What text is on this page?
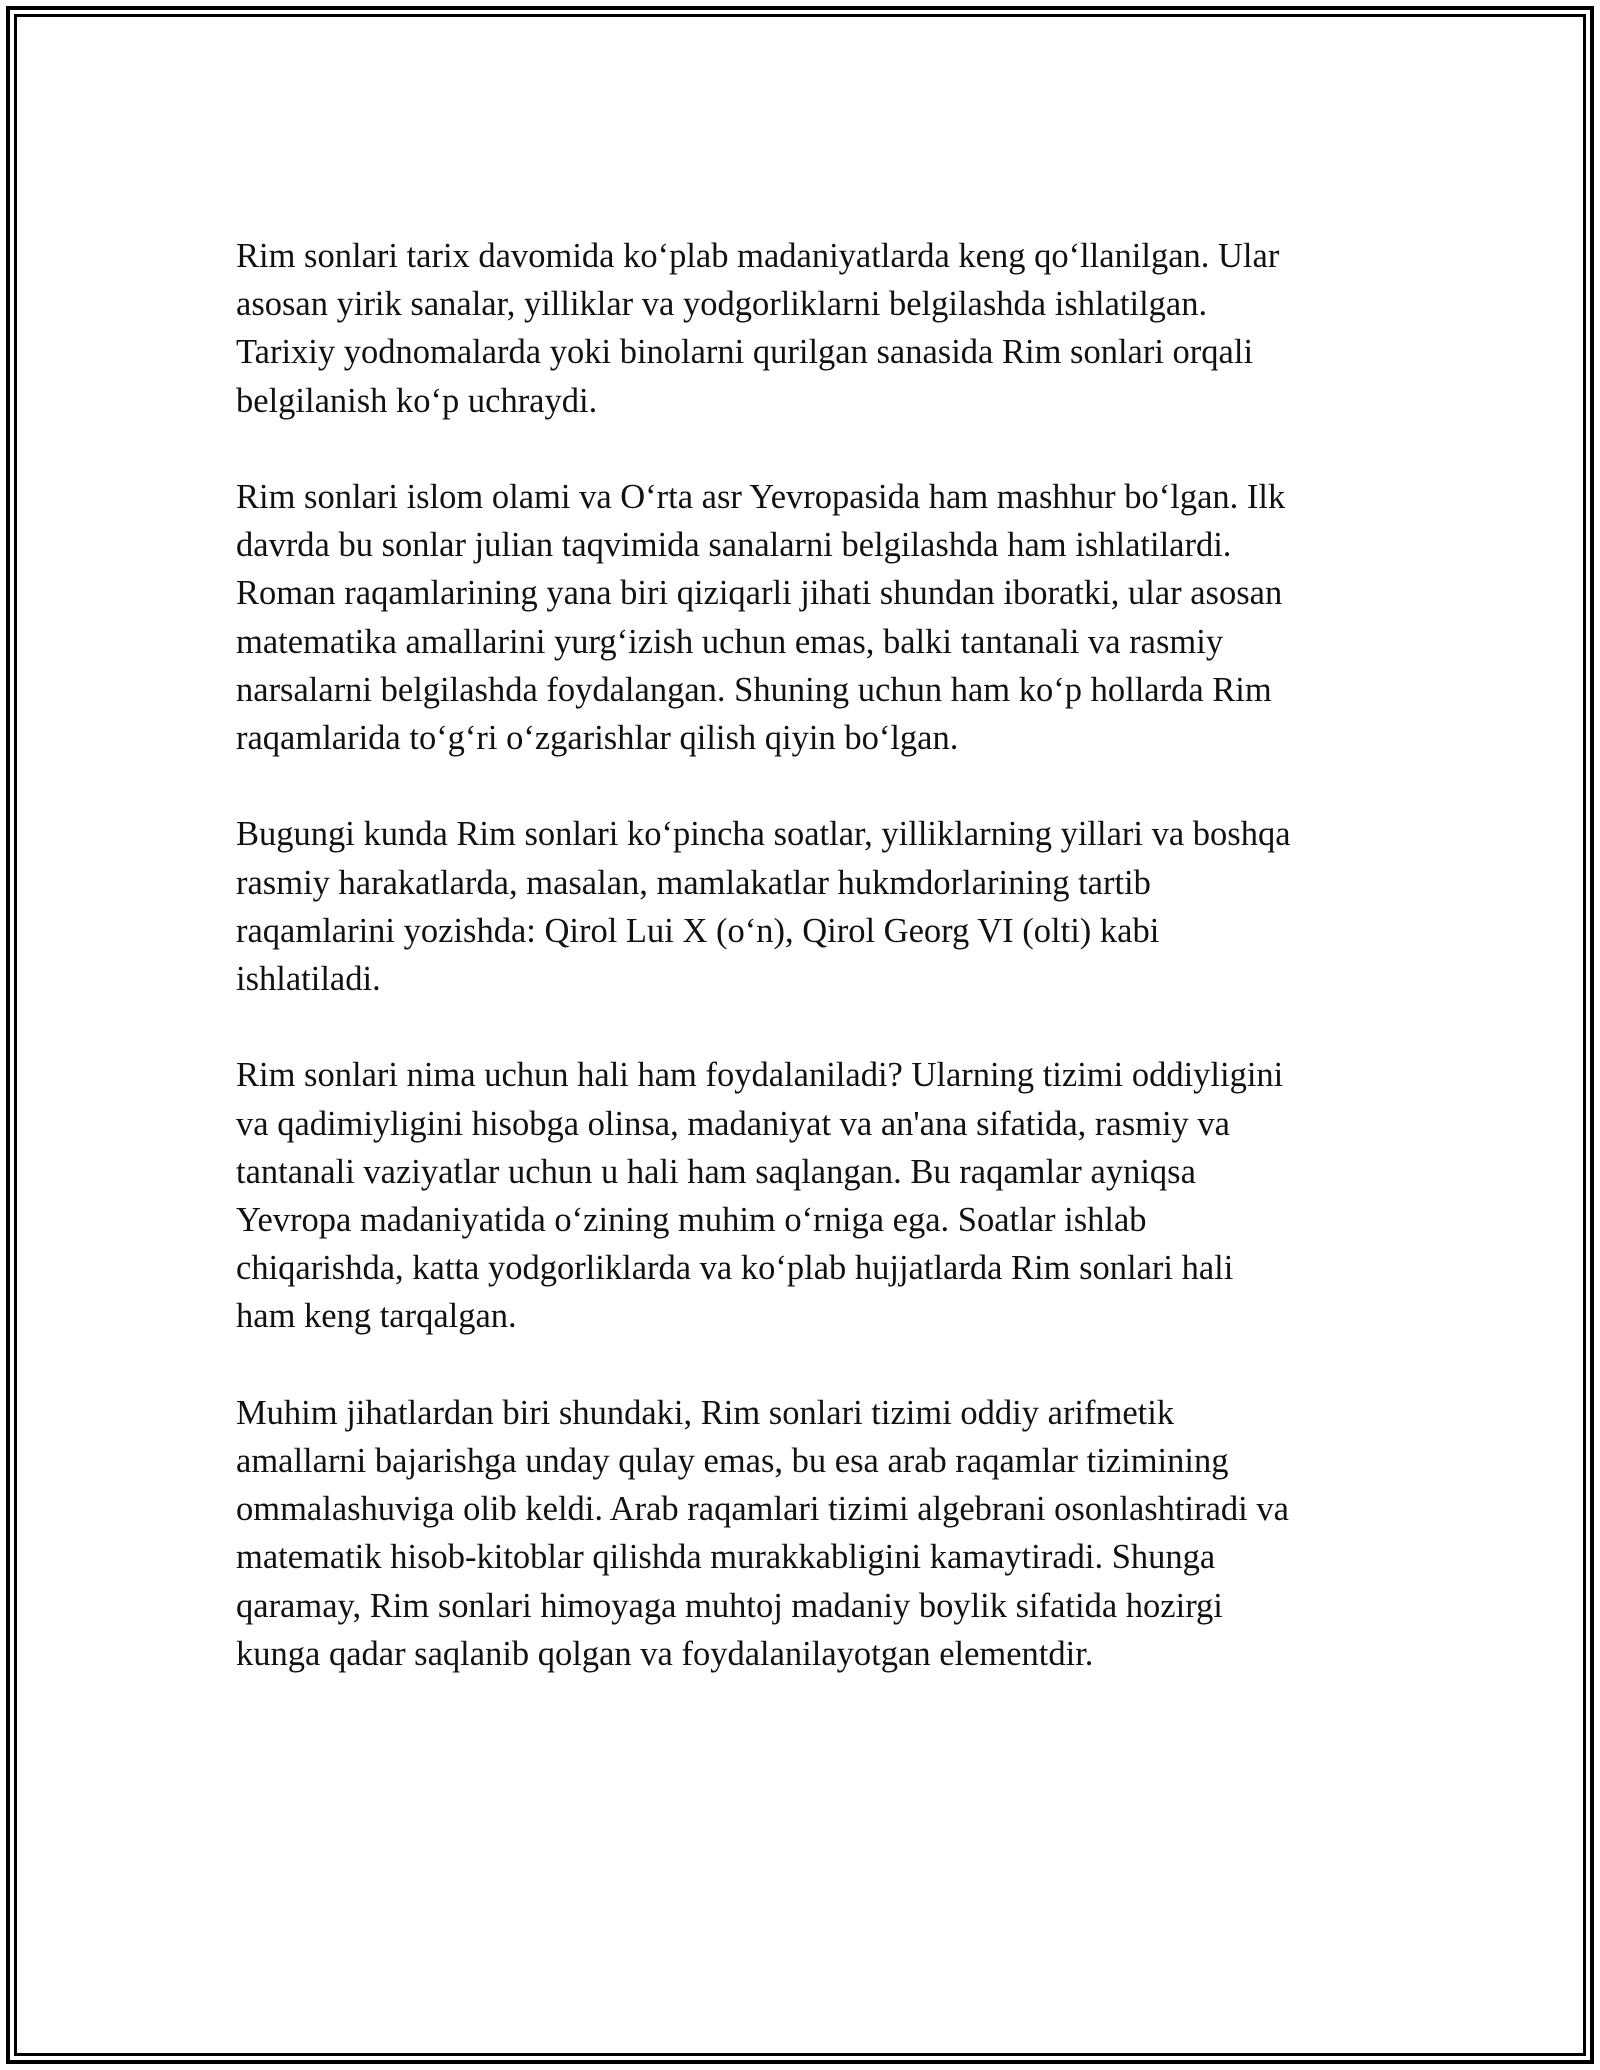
Rim sonlari tarix davomida koʻplab madaniyatlarda keng qoʻllanilgan. Ular
asosan yirik sanalar, yilliklar va yodgorliklarni belgilashda ishlatilgan.
Tarixiy yodnomalarda yoki binolarni qurilgan sanasida Rim sonlari orqali
belgilanish koʻp uchraydi.

Rim sonlari islom olami va Oʻrta asr Yevropasida ham mashhur boʻlgan. Ilk
davrda bu sonlar julian taqvimida sanalarni belgilashda ham ishlatilardi.
Roman raqamlarining yana biri qiziqarli jihati shundan iboratki, ular asosan
matematika amallarini yurgʻizish uchun emas, balki tantanali va rasmiy
narsalarni belgilashda foydalangan. Shuning uchun ham koʻp hollarda Rim
raqamlarida toʻgʻri oʻzgarishlar qilish qiyin boʻlgan.

Bugungi kunda Rim sonlari koʻpincha soatlar, yilliklarning yillari va boshqa
rasmiy harakatlarda, masalan, mamlakatlar hukmdorlarining tartib
raqamlarini yozishda: Qirol Lui X (oʻn), Qirol Georg VI (olti) kabi
ishlatiladi.

Rim sonlari nima uchun hali ham foydalaniladi? Ularning tizimi oddiyligini
va qadimiyligini hisobga olinsa, madaniyat va an'ana sifatida, rasmiy va
tantanali vaziyatlar uchun u hali ham saqlangan. Bu raqamlar ayniqsa
Yevropa madaniyatida oʻzining muhim oʻrniga ega. Soatlar ishlab
chiqarishda, katta yodgorliklarda va koʻplab hujjatlarda Rim sonlari hali
ham keng tarqalgan.

Muhim jihatlardan biri shundaki, Rim sonlari tizimi oddiy arifmetik
amallarni bajarishga unday qulay emas, bu esa arab raqamlar tizimining
ommalashuviga olib keldi. Arab raqamlari tizimi algebrani osonlashtiradi va
matematik hisob-kitoblar qilishda murakkabligini kamaytiradi. Shunga
qaramay, Rim sonlari himoyaga muhtoj madaniy boylik sifatida hozirgi
kunga qadar saqlanib qolgan va foydalanilayotgan elementdir.
